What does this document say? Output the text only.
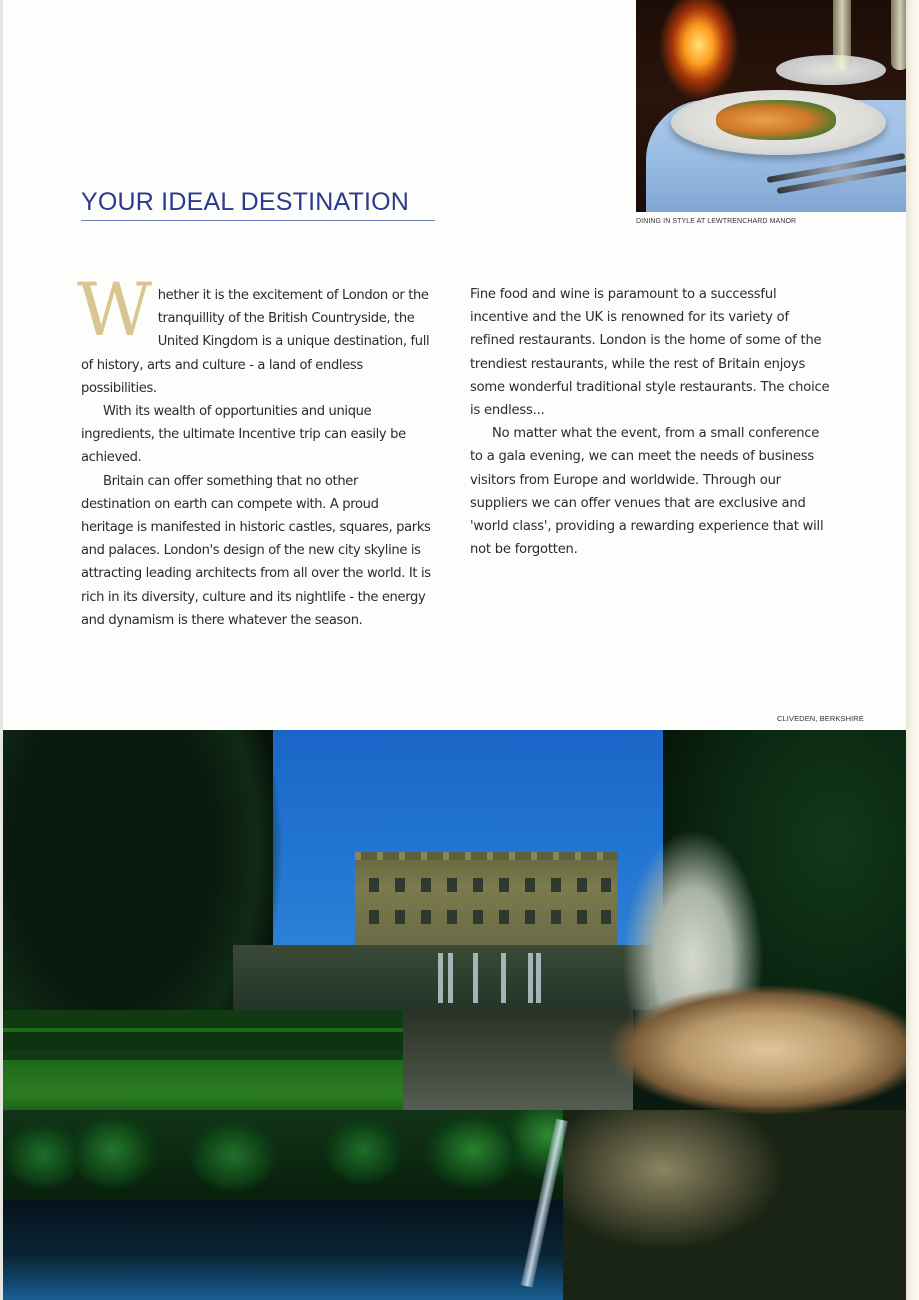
DINING IN STYLE AT LEWTRENCHARD MANOR
YOUR IDEAL DESTINATION

Whether it is the excitement of London or the tranquillity of the British Countryside, the United Kingdom is a unique destination, full of history, arts and culture - a land of endless possibilities.

With its wealth of opportunities and unique ingredients, the ultimate Incentive trip can easily be achieved.

Britain can offer something that no other destination on earth can compete with. A proud heritage is manifested in historic castles, squares, parks and palaces. London's design of the new city skyline is attracting leading architects from all over the world. It is rich in its diversity, culture and its nightlife - the energy and dynamism is there whatever the season.

Fine food and wine is paramount to a successful incentive and the UK is renowned for its variety of refined restaurants. London is the home of some of the trendiest restaurants, while the rest of Britain enjoys some wonderful traditional style restaurants. The choice is endless...

No matter what the event, from a small conference to a gala evening, we can meet the needs of business visitors from Europe and worldwide. Through our suppliers we can offer venues that are exclusive and 'world class', providing a rewarding experience that will not be forgotten.

CLIVEDEN, BERKSHIRE
